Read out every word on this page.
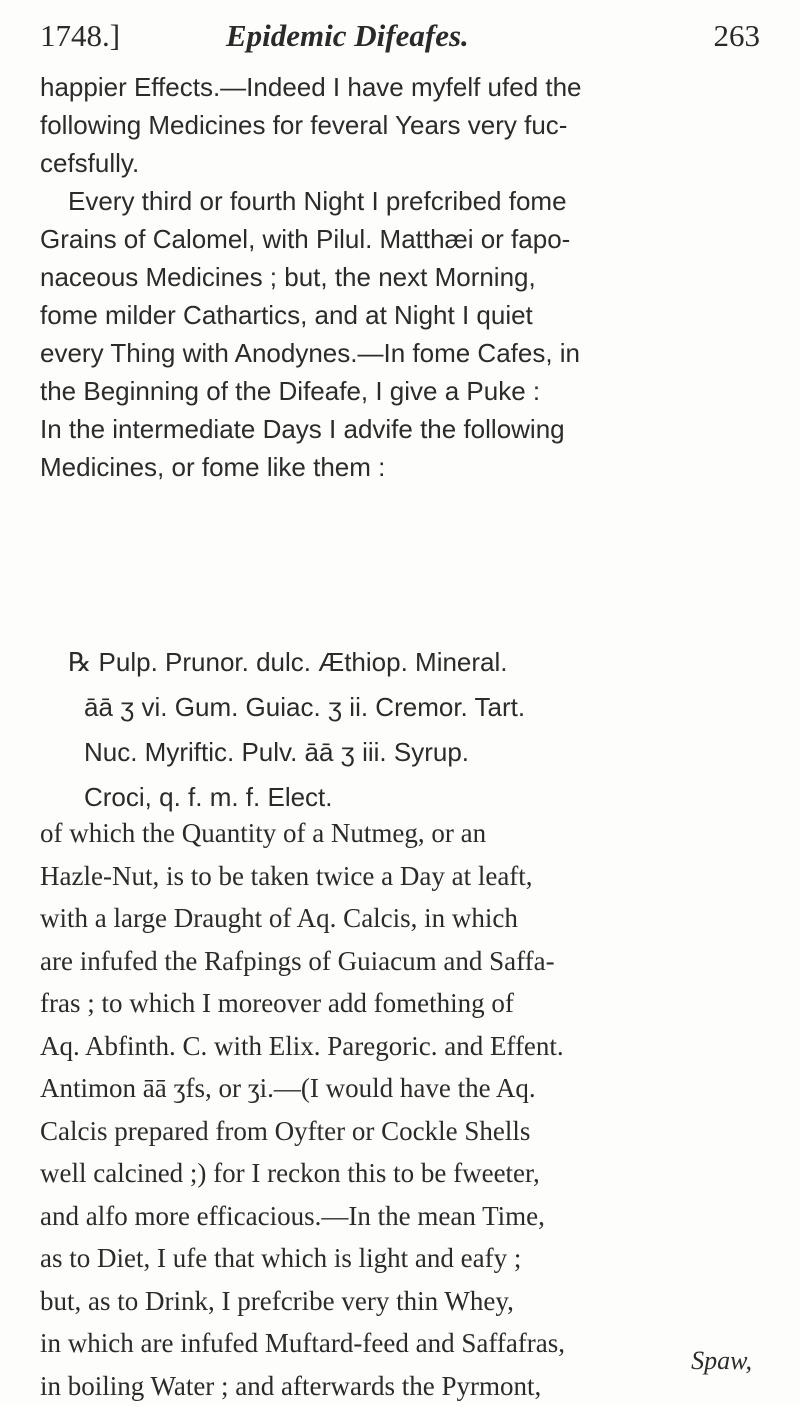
1748.]	Epidemic Difeafes.	263
happier Effects.—Indeed I have myfelf ufed the
following Medicines for feveral Years very fuc-
cefsfully.
Every third or fourth Night I prefcribed fome
Grains of Calomel, with Pilul. Matthæi or fapo-
naceous Medicines ; but, the next Morning,
fome milder Cathartics, and at Night I quiet
every Thing with Anodynes.—In fome Cafes, in
the Beginning of the Difeafe, I give a Puke :
In the intermediate Days I advife the following
Medicines, or fome like them :
℞ Pulp. Prunor. dulc. Æthiop. Mineral.
āā ʒ vi. Gum. Guiac. ʒ ii. Cremor. Tart.
Nuc. Myriftic. Pulv. āā ʒ iii. Syrup.
Croci, q. f. m. f. Elect.
of which the Quantity of a Nutmeg, or an
Hazle-Nut, is to be taken twice a Day at leaft,
with a large Draught of Aq. Calcis, in which
are infufed the Rafpings of Guiacum and Saffa-
fras ; to which I moreover add fomething of
Aq. Abfinth. C. with Elix. Paregoric. and Effent.
Antimon āā ʒfs, or ʒi.—(I would have the Aq.
Calcis prepared from Oyfter or Cockle Shells
well calcined ;) for I reckon this to be fweeter,
and alfo more efficacious.—In the mean Time,
as to Diet, I ufe that which is light and eafy ;
but, as to Drink, I prefcribe very thin Whey,
in which are infufed Muftard-feed and Saffafras,
in boiling Water ; and afterwards the Pyrmont,
Spaw,
